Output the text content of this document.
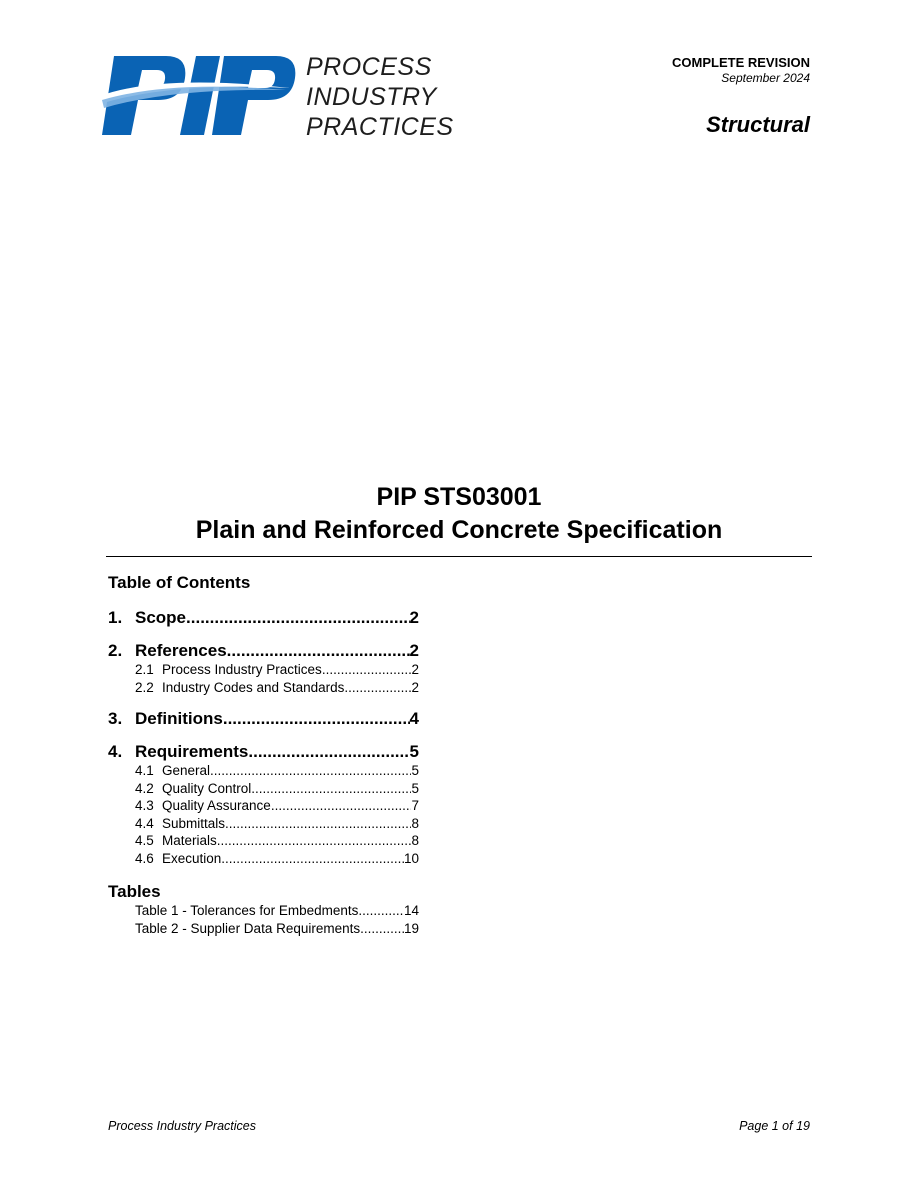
PROCESS
INDUSTRY
PRACTICES
COMPLETE REVISION
September 2024
Structural
PIP STS03001
Plain and Reinforced Concrete Specification
Table of Contents
1. Scope .....	2
2. References .....	2
2.1 Process Industry Practices .....	2
2.2 Industry Codes and Standards .....	2
3. Definitions .....	4
4. Requirements .....	5
4.1 General .....	5
4.2 Quality Control .....	5
4.3 Quality Assurance .....	7
4.4 Submittals .....	8
4.5 Materials .....	8
4.6 Execution .....	10
Tables
Table 1 - Tolerances for Embedments .....	14
Table 2 - Supplier Data Requirements .....	19
Process Industry Practices	Page 1 of 19
